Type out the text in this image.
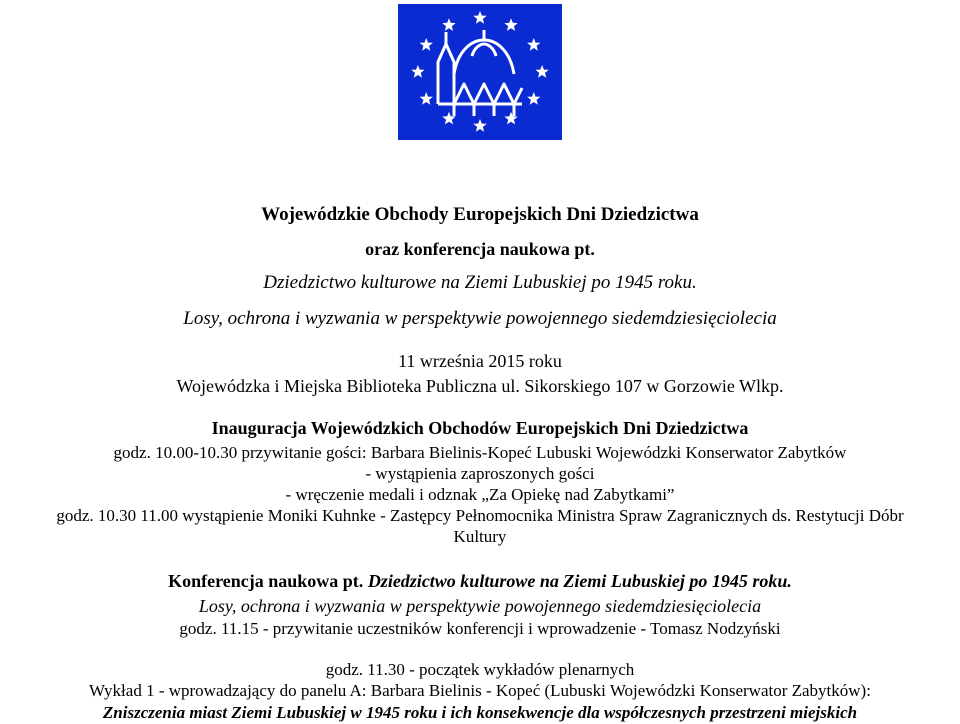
Wojewódzkie Obchody Europejskich Dni Dziedzictwa
oraz konferencja naukowa pt.
Dziedzictwo kulturowe na Ziemi Lubuskiej po 1945 roku.
Losy, ochrona i wyzwania w perspektywie powojennego siedemdziesięciolecia
11 września 2015 roku
Wojewódzka i Miejska Biblioteka Publiczna ul. Sikorskiego 107 w Gorzowie Wlkp.
Inauguracja Wojewódzkich Obchodów Europejskich Dni Dziedzictwa
godz. 10.00-10.30 przywitanie gości: Barbara Bielinis-Kopeć Lubuski Wojewódzki Konserwator Zabytków
- wystąpienia zaproszonych gości
- wręczenie medali i odznak „Za Opiekę nad Zabytkami”
godz. 10.30 11.00 wystąpienie Moniki Kuhnke - Zastępcy Pełnomocnika Ministra Spraw Zagranicznych ds. Restytucji Dóbr
Kultury
Konferencja naukowa pt. Dziedzictwo kulturowe na Ziemi Lubuskiej po 1945 roku.
Losy, ochrona i wyzwania w perspektywie powojennego siedemdziesięciolecia
godz. 11.15 - przywitanie uczestników konferencji i wprowadzenie - Tomasz Nodzyński
godz. 11.30 - początek wykładów plenarnych
Wykład 1 - wprowadzający do panelu A: Barbara Bielinis - Kopeć (Lubuski Wojewódzki Konserwator Zabytków):
Zniszczenia miast Ziemi Lubuskiej w 1945 roku i ich konsekwencje dla współczesnych przestrzeni miejskich
